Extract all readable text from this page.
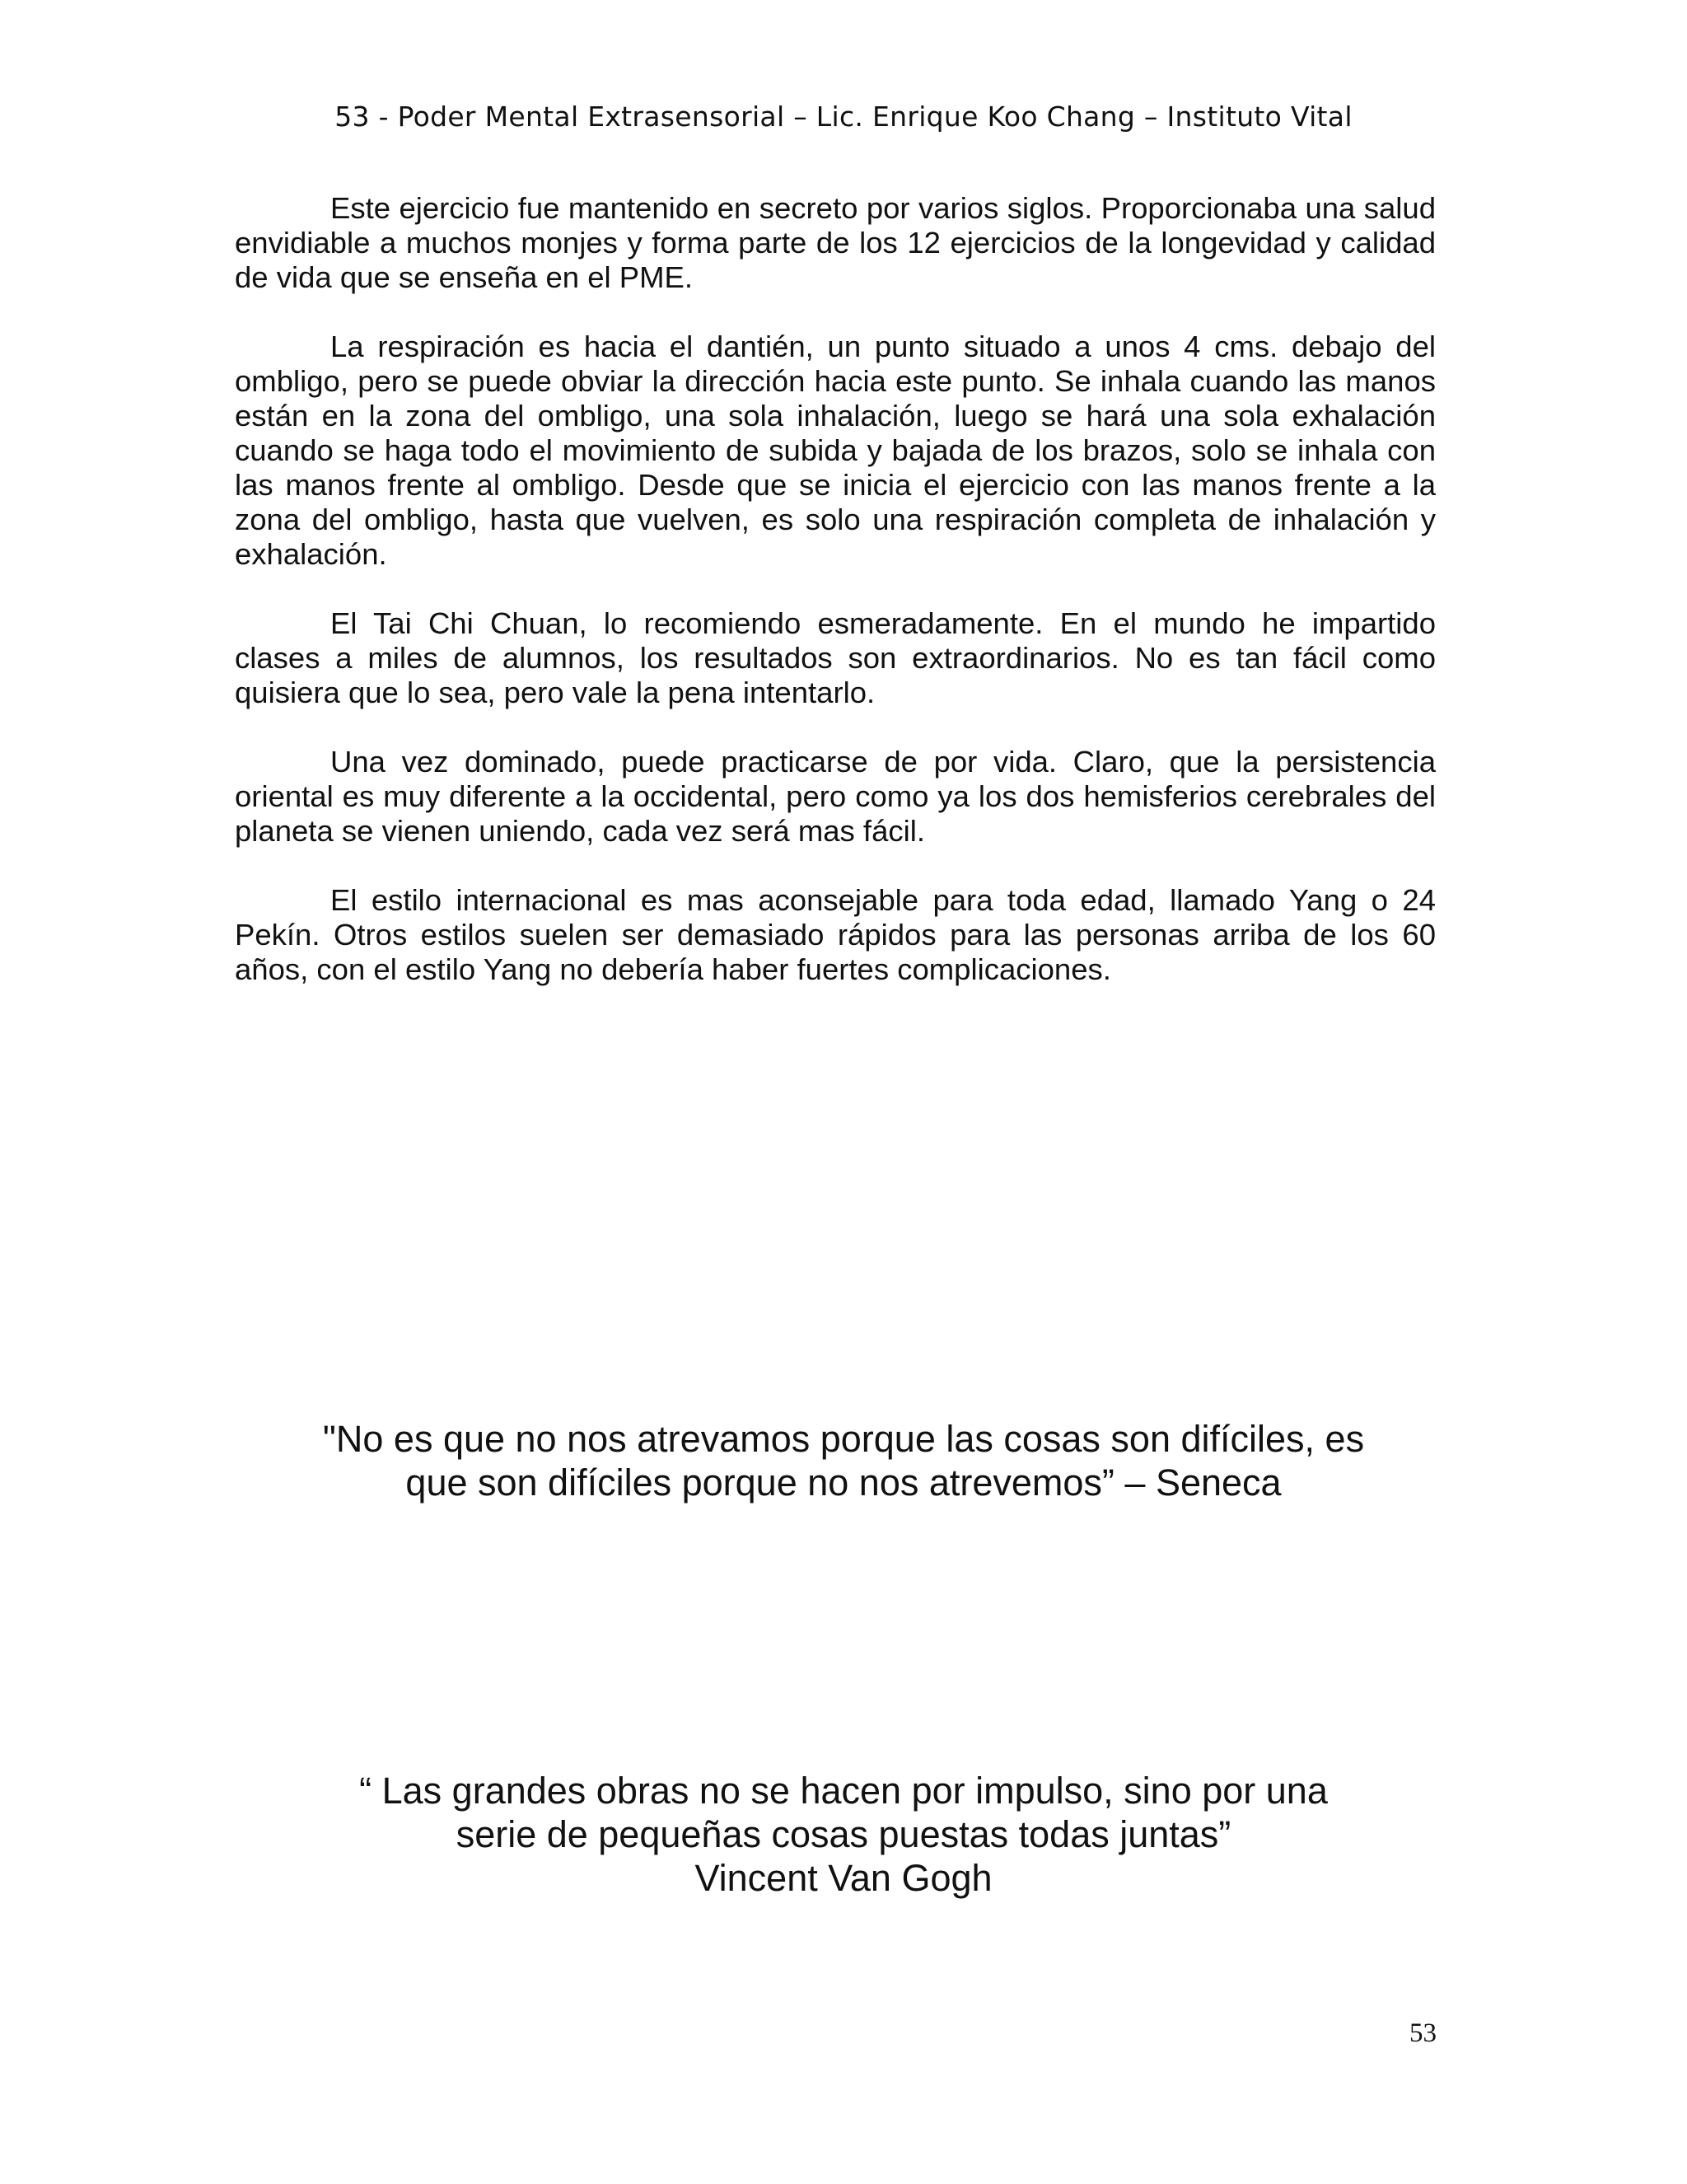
53 - Poder Mental Extrasensorial – Lic. Enrique Koo Chang – Instituto Vital

Este ejercicio fue mantenido en secreto por varios siglos. Proporcionaba una salud envidiable a muchos monjes y forma parte de los 12 ejercicios de la longevidad y calidad de vida que se enseña en el PME.

La respiración es hacia el dantién, un punto situado a unos 4 cms. debajo del ombligo, pero se puede obviar la dirección hacia este punto. Se inhala cuando las manos están en la zona del ombligo, una sola inhalación, luego se hará una sola exhalación cuando se haga todo el movimiento de subida y bajada de los brazos, solo se inhala con las manos frente al ombligo. Desde que se inicia el ejercicio con las manos frente a la zona del ombligo, hasta que vuelven, es solo una respiración completa de inhalación y exhalación.

El Tai Chi Chuan, lo recomiendo esmeradamente. En el mundo he impartido clases a miles de alumnos, los resultados son extraordinarios. No es tan fácil como quisiera que lo sea, pero vale la pena intentarlo.

Una vez dominado, puede practicarse de por vida. Claro, que la persistencia oriental es muy diferente a la occidental, pero como ya los dos hemisferios cerebrales del planeta se vienen uniendo, cada vez será mas fácil.

El estilo internacional es mas aconsejable para toda edad, llamado Yang o 24 Pekín. Otros estilos suelen ser demasiado rápidos para las personas arriba de los 60 años, con el estilo Yang no debería haber fuertes complicaciones.

"No es que no nos atrevamos porque las cosas son difíciles, es
que son difíciles porque no nos atrevemos” – Seneca
“ Las grandes obras no se hacen por impulso, sino por una
serie de pequeñas cosas puestas todas juntas”
Vincent Van Gogh
53
